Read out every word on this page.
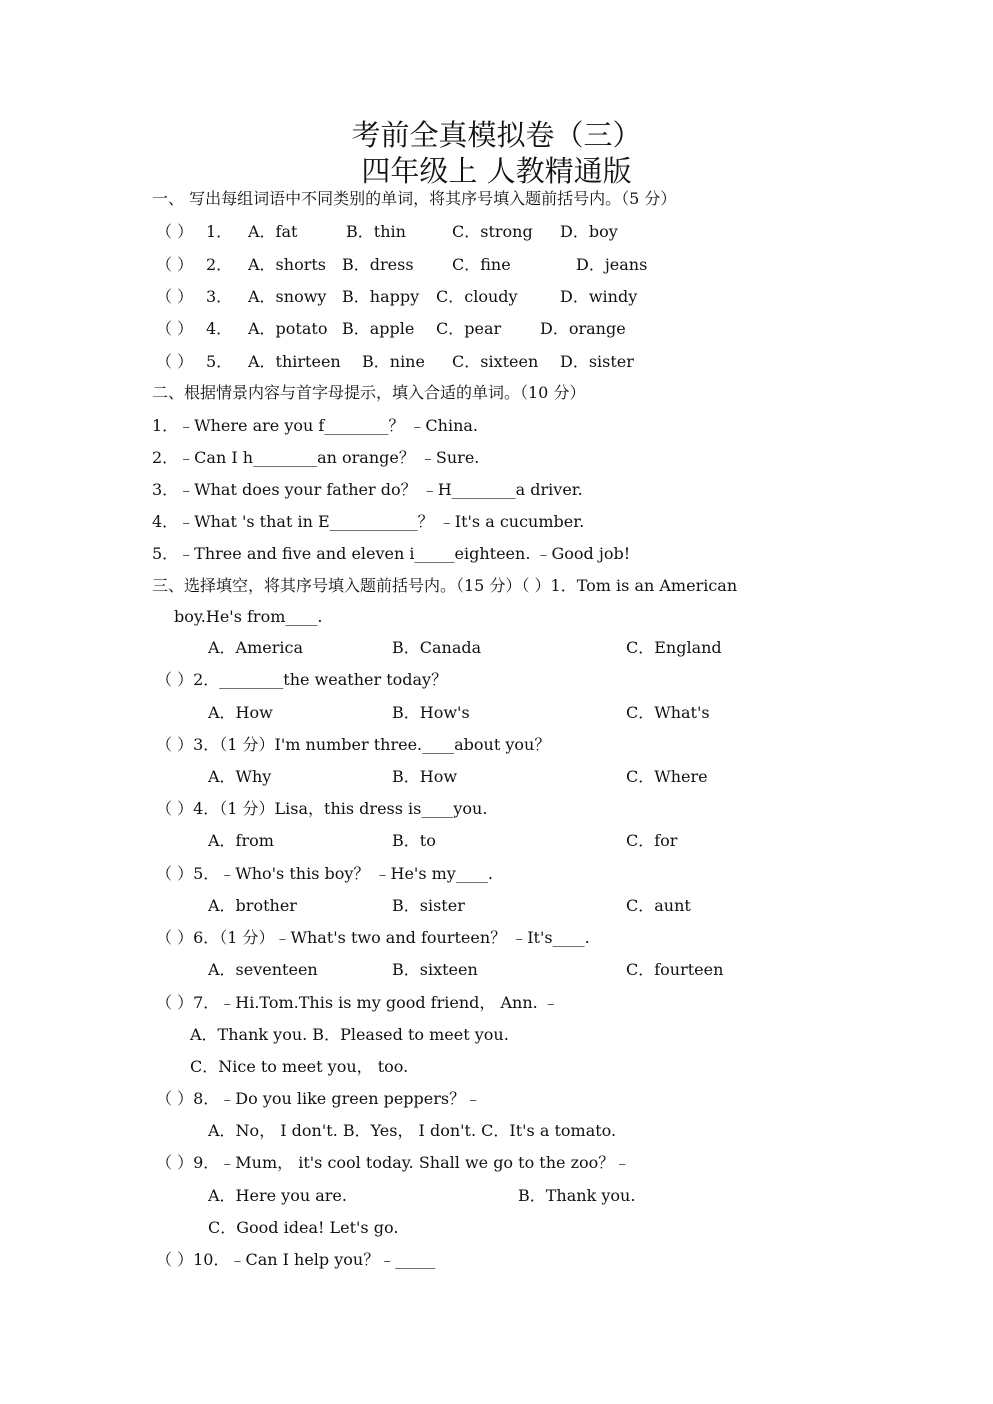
考前全真模拟卷（三）
四年级上 人教精通版
一、 写出每组词语中不同类别的单词，将其序号填入题前括号内。（5 分）
（ ） 1． A．fat	B．thin	C．strong D．boy
（ ） 2． A．shorts B．dress C．fine	D．jeans
（ ） 3． A．snowy B．happy C．cloudy	D．windy
（ ） 4． A．potato B．apple C．pear D．orange
（ ） 5． A．thirteen B．nine C．sixteen D．sister
二、根据情景内容与首字母提示，填入合适的单词。（10 分）
1．﹣Where are you f________？ ﹣China.
2．﹣Can I h________an orange？ ﹣Sure.
3．﹣What does your father do？ ﹣H________a driver.
4．﹣What 's that in E___________？ ﹣It's a cucumber.
5．﹣Three and five and eleven i_____eighteen. ﹣Good job!
三、选择填空，将其序号填入题前括号内。（15 分）（ ）1．Tom is an American
boy.He's from____.
A．America	B．Canada	C．England
（ ）2．________the weather today？
A．How	B．How's	C．What's
（ ）3．（1 分）I'm number three.____about you？
A．Why	B．How	C．Where
（ ）4．（1 分）Lisa，this dress is____you.
A．from	B．to	C．for
（ ）5．﹣Who's this boy？ ﹣He's my____.
A．brother	B．sister	C．aunt
（ ）6．（1 分）﹣What's two and fourteen？ ﹣It's____.
A．seventeen	B．sixteen	C．fourteen
（ ）7．﹣Hi.Tom.This is my good friend， Ann. ﹣
A．Thank you. B．Pleased to meet you.
C．Nice to meet you， too.
（ ）8．﹣Do you like green peppers？﹣
A．No， I don't. B．Yes， I don't. C．It's a tomato.
（ ）9．﹣Mum， it's cool today. Shall we go to the zoo？﹣
A．Here you are.	B．Thank you.
C．Good idea! Let's go.
（ ）10．﹣Can I help you？﹣_____
